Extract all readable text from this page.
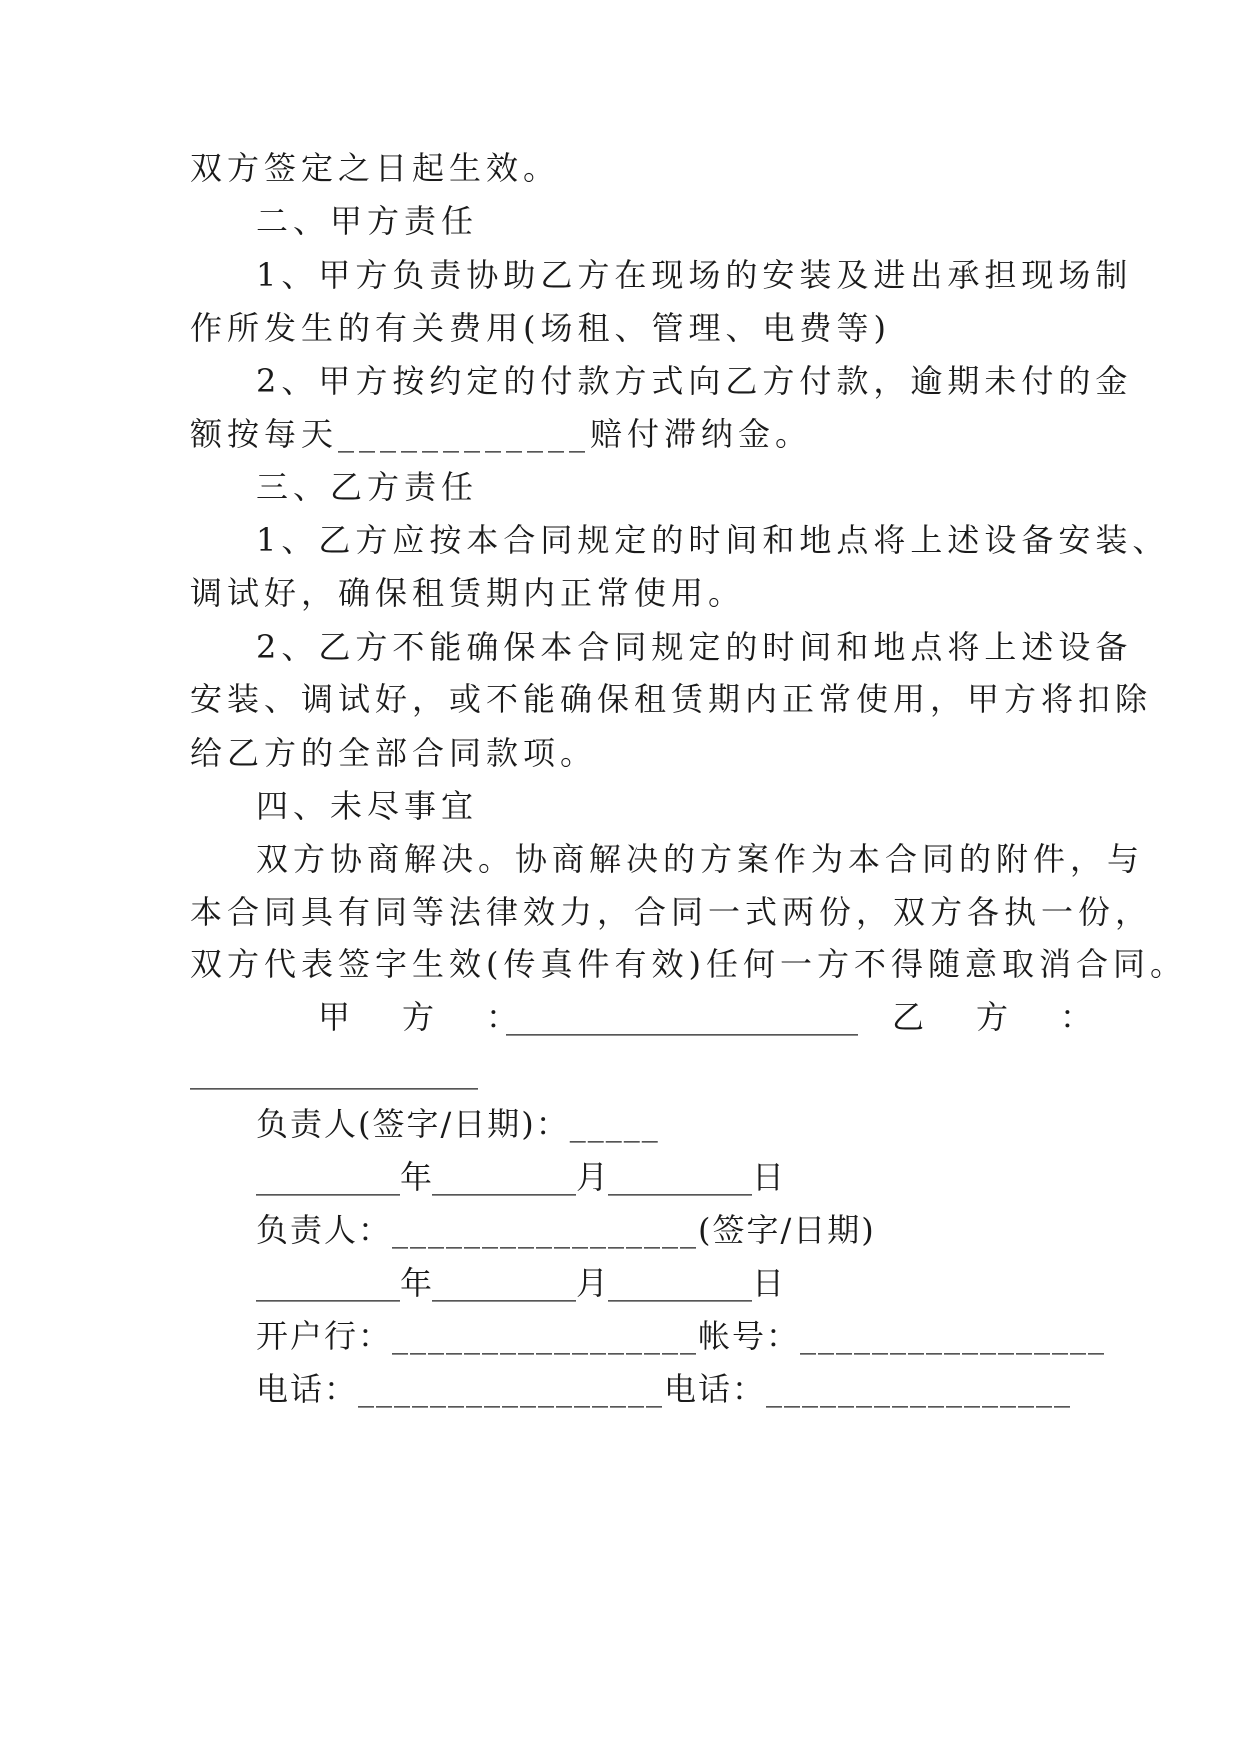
双方签定之日起生效。
二、甲方责任
1、甲方负责协助乙方在现场的安装及进出承担现场制
作所发生的有关费用(场租、管理、电费等)
2、甲方按约定的付款方式向乙方付款，逾期未付的金
额按每天____________赔付滞纳金。
三、乙方责任
1、乙方应按本合同规定的时间和地点将上述设备安装、
调试好，确保租赁期内正常使用。
2、乙方不能确保本合同规定的时间和地点将上述设备
安装、调试好，或不能确保租赁期内正常使用，甲方将扣除
给乙方的全部合同款项。
四、未尽事宜
双方协商解决。协商解决的方案作为本合同的附件，与
本合同具有同等法律效力，合同一式两份，双方各执一份，
双方代表签字生效(传真件有效)任何一方不得随意取消合同。
甲　方　：
______________________ 乙　方　：
__________________
负责人(签字/日期)：_____
_________年_________月_________日
负责人：_________________(签字/日期)
_________年_________月_________日
开户行：_________________帐号：_________________
电话：_________________电话：_________________
